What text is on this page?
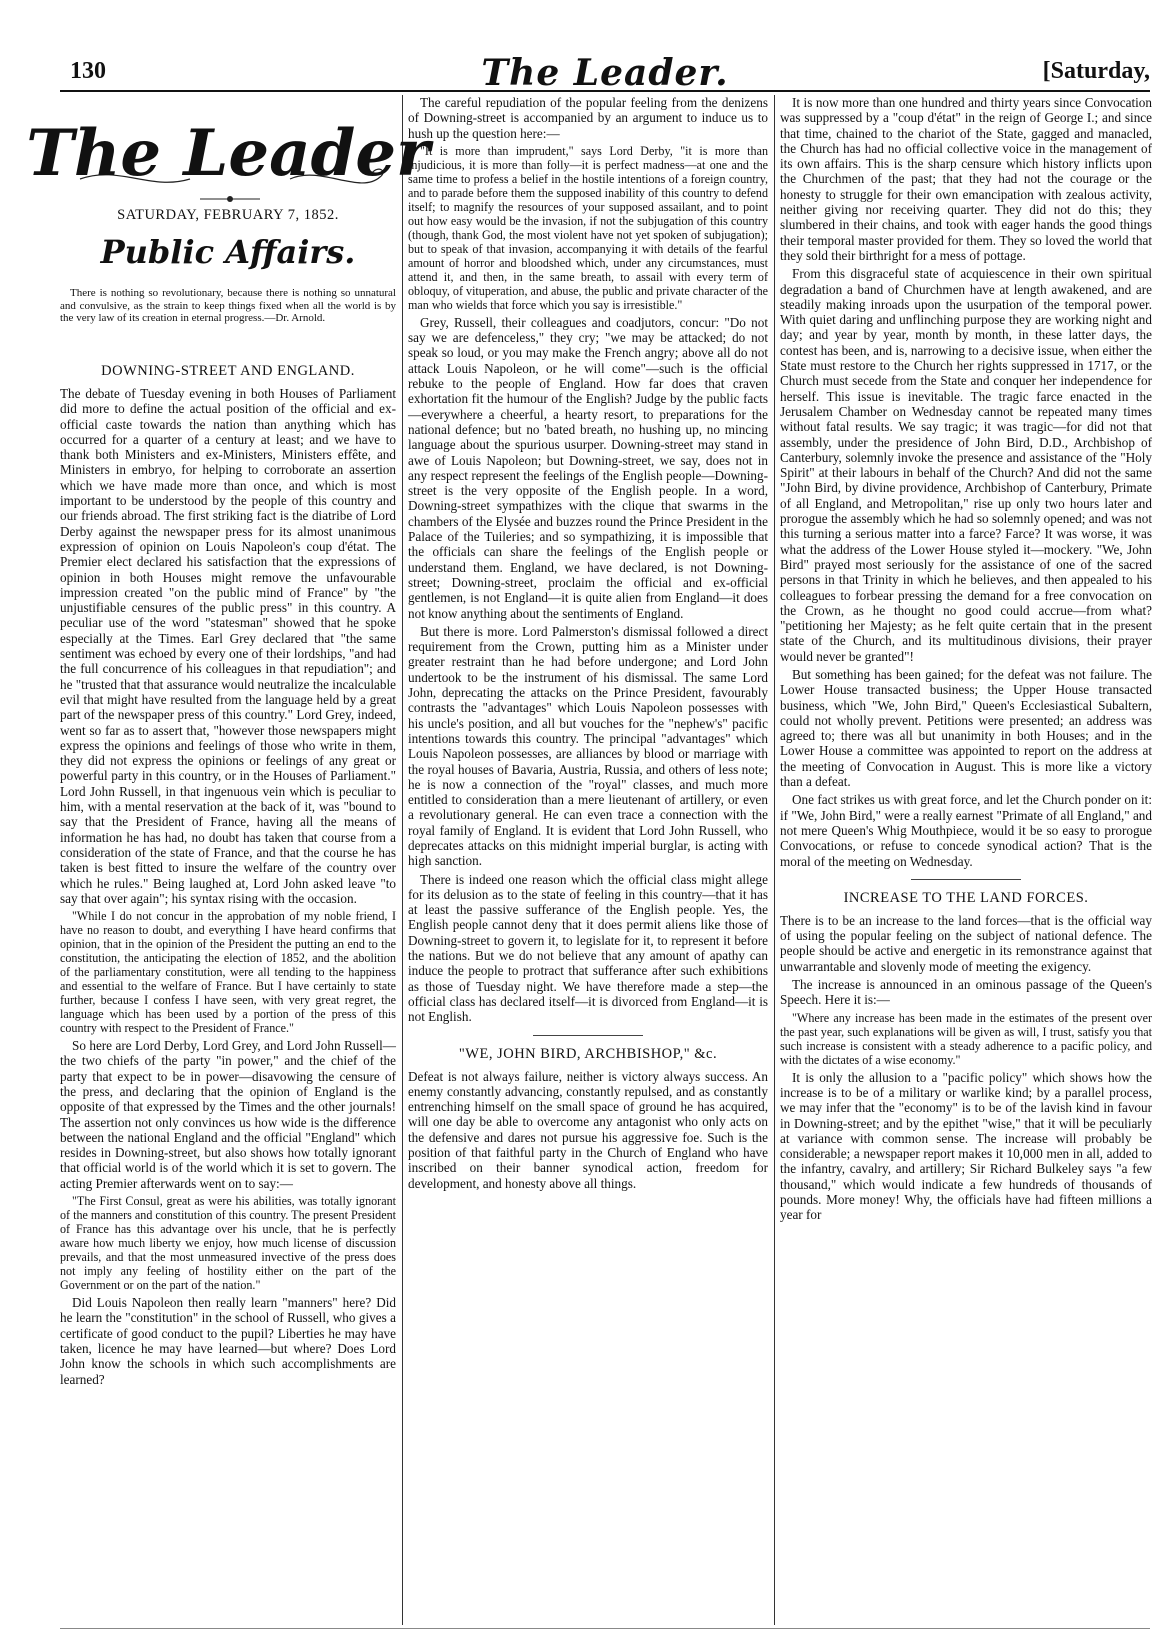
130	The Leader.	[Saturday,
The Leader
SATURDAY, FEBRUARY 7, 1852.
Public Affairs.
There is nothing so revolutionary, because there is nothing so unnatural and convulsive, as the strain to keep things fixed when all the world is by the very law of its creation in eternal progress.—Dr. Arnold.
DOWNING-STREET AND ENGLAND.

The debate of Tuesday evening in both Houses of Parliament did more to define the actual position of the official and ex-official caste towards the nation than anything which has occurred for a quarter of a century at least; and we have to thank both Ministers and ex-Ministers, Ministers effête, and Ministers in embryo, for helping to corroborate an assertion which we have made more than once, and which is most important to be understood by the people of this country and our friends abroad. The first striking fact is the diatribe of Lord Derby against the newspaper press for its almost unanimous expression of opinion on Louis Napoleon's coup d'état. The Premier elect declared his satisfaction that the expressions of opinion in both Houses might remove the unfavourable impression created "on the public mind of France" by "the unjustifiable censures of the public press" in this country. A peculiar use of the word "statesman" showed that he spoke especially at the Times. Earl Grey declared that "the same sentiment was echoed by every one of their lordships, "and had the full concurrence of his colleagues in that repudiation"; and he "trusted that that assurance would neutralize the incalculable evil that might have resulted from the language held by a great part of the newspaper press of this country." Lord Grey, indeed, went so far as to assert that, "however those newspapers might express the opinions and feelings of those who write in them, they did not express the opinions or feelings of any great or powerful party in this country, or in the Houses of Parliament." Lord John Russell, in that ingenuous vein which is peculiar to him, with a mental reservation at the back of it, was "bound to say that the President of France, having all the means of information he has had, no doubt has taken that course from a consideration of the state of France, and that the course he has taken is best fitted to insure the welfare of the country over which he rules." Being laughed at, Lord John asked leave "to say that over again"; his syntax rising with the occasion.

"While I do not concur in the approbation of my noble friend, I have no reason to doubt, and everything I have heard confirms that opinion, that in the opinion of the President the putting an end to the constitution, the anticipating the election of 1852, and the abolition of the parliamentary constitution, were all tending to the happiness and essential to the welfare of France. But I have certainly to state further, because I confess I have seen, with very great regret, the language which has been used by a portion of the press of this country with respect to the President of France."

So here are Lord Derby, Lord Grey, and Lord John Russell—the two chiefs of the party "in power," and the chief of the party that expect to be in power—disavowing the censure of the press, and declaring that the opinion of England is the opposite of that expressed by the Times and the other journals! The assertion not only convinces us how wide is the difference between the national England and the official "England" which resides in Downing-street, but also shows how totally ignorant that official world is of the world which it is set to govern. The acting Premier afterwards went on to say:—

"The First Consul, great as were his abilities, was totally ignorant of the manners and constitution of this country. The present President of France has this advantage over his uncle, that he is perfectly aware how much liberty we enjoy, how much license of discussion prevails, and that the most unmeasured invective of the press does not imply any feeling of hostility either on the part of the Government or on the part of the nation."

Did Louis Napoleon then really learn "manners" here? Did he learn the "constitution" in the school of Russell, who gives a certificate of good conduct to the pupil? Liberties he may have taken, licence he may have learned—but where? Does Lord John know the schools in which such accomplishments are learned?

The careful repudiation of the popular feeling from the denizens of Downing-street is accompanied by an argument to induce us to hush up the question here:—

"It is more than imprudent," says Lord Derby, "it is more than injudicious, it is more than folly—it is perfect madness—at one and the same time to profess a belief in the hostile intentions of a foreign country, and to parade before them the supposed inability of this country to defend itself; to magnify the resources of your supposed assailant, and to point out how easy would be the invasion, if not the subjugation of this country (though, thank God, the most violent have not yet spoken of subjugation); but to speak of that invasion, accompanying it with details of the fearful amount of horror and bloodshed which, under any circumstances, must attend it, and then, in the same breath, to assail with every term of obloquy, of vituperation, and abuse, the public and private character of the man who wields that force which you say is irresistible."

Grey, Russell, their colleagues and coadjutors, concur: "Do not say we are defenceless," they cry; "we may be attacked; do not speak so loud, or you may make the French angry; above all do not attack Louis Napoleon, or he will come"—such is the official rebuke to the people of England. How far does that craven exhortation fit the humour of the English? Judge by the public facts—everywhere a cheerful, a hearty resort, to preparations for the national defence; but no 'bated breath, no hushing up, no mincing language about the spurious usurper. Downing-street may stand in awe of Louis Napoleon; but Downing-street, we say, does not in any respect represent the feelings of the English people—Downing-street is the very opposite of the English people. In a word, Downing-street sympathizes with the clique that swarms in the chambers of the Elysée and buzzes round the Prince President in the Palace of the Tuileries; and so sympathizing, it is impossible that the officials can share the feelings of the English people or understand them. England, we have declared, is not Downing-street; Downing-street, proclaim the official and ex-official gentlemen, is not England—it is quite alien from England—it does not know anything about the sentiments of England.

But there is more. Lord Palmerston's dismissal followed a direct requirement from the Crown, putting him as a Minister under greater restraint than he had before undergone; and Lord John undertook to be the instrument of his dismissal. The same Lord John, deprecating the attacks on the Prince President, favourably contrasts the "advantages" which Louis Napoleon possesses with his uncle's position, and all but vouches for the "nephew's" pacific intentions towards this country. The principal "advantages" which Louis Napoleon possesses, are alliances by blood or marriage with the royal houses of Bavaria, Austria, Russia, and others of less note; he is now a connection of the "royal" classes, and much more entitled to consideration than a mere lieutenant of artillery, or even a revolutionary general. He can even trace a connection with the royal family of England. It is evident that Lord John Russell, who deprecates attacks on this midnight imperial burglar, is acting with high sanction.

There is indeed one reason which the official class might allege for its delusion as to the state of feeling in this country—that it has at least the passive sufferance of the English people. Yes, the English people cannot deny that it does permit aliens like those of Downing-street to govern it, to legislate for it, to represent it before the nations. But we do not believe that any amount of apathy can induce the people to protract that sufferance after such exhibitions as those of Tuesday night. We have therefore made a step—the official class has declared itself—it is divorced from England—it is not English.

"WE, JOHN BIRD, ARCHBISHOP," &c.

Defeat is not always failure, neither is victory always success. An enemy constantly advancing, constantly repulsed, and as constantly entrenching himself on the small space of ground he has acquired, will one day be able to overcome any antagonist who only acts on the defensive and dares not pursue his aggressive foe. Such is the position of that faithful party in the Church of England who have inscribed on their banner synodical action, freedom for development, and honesty above all things.

It is now more than one hundred and thirty years since Convocation was suppressed by a "coup d'état" in the reign of George I.; and since that time, chained to the chariot of the State, gagged and manacled, the Church has had no official collective voice in the management of its own affairs. This is the sharp censure which history inflicts upon the Churchmen of the past; that they had not the courage or the honesty to struggle for their own emancipation with zealous activity, neither giving nor receiving quarter. They did not do this; they slumbered in their chains, and took with eager hands the good things their temporal master provided for them. They so loved the world that they sold their birthright for a mess of pottage.

From this disgraceful state of acquiescence in their own spiritual degradation a band of Churchmen have at length awakened, and are steadily making inroads upon the usurpation of the temporal power. With quiet daring and unflinching purpose they are working night and day; and year by year, month by month, in these latter days, the contest has been, and is, narrowing to a decisive issue, when either the State must restore to the Church her rights suppressed in 1717, or the Church must secede from the State and conquer her independence for herself. This issue is inevitable. The tragic farce enacted in the Jerusalem Chamber on Wednesday cannot be repeated many times without fatal results. We say tragic; it was tragic—for did not that assembly, under the presidence of John Bird, D.D., Archbishop of Canterbury, solemnly invoke the presence and assistance of the "Holy Spirit" at their labours in behalf of the Church? And did not the same "John Bird, by divine providence, Archbishop of Canterbury, Primate of all England, and Metropolitan," rise up only two hours later and prorogue the assembly which he had so solemnly opened; and was not this turning a serious matter into a farce? Farce? It was worse, it was what the address of the Lower House styled it—mockery. "We, John Bird" prayed most seriously for the assistance of one of the sacred persons in that Trinity in which he believes, and then appealed to his colleagues to forbear pressing the demand for a free convocation on the Crown, as he thought no good could accrue—from what? "petitioning her Majesty; as he felt quite certain that in the present state of the Church, and its multitudinous divisions, their prayer would never be granted"!

But something has been gained; for the defeat was not failure. The Lower House transacted business; the Upper House transacted business, which "We, John Bird," Queen's Ecclesiastical Subaltern, could not wholly prevent. Petitions were presented; an address was agreed to; there was all but unanimity in both Houses; and in the Lower House a committee was appointed to report on the address at the meeting of Convocation in August. This is more like a victory than a defeat.

One fact strikes us with great force, and let the Church ponder on it: if "We, John Bird," were a really earnest "Primate of all England," and not mere Queen's Whig Mouthpiece, would it be so easy to prorogue Convocations, or refuse to concede synodical action? That is the moral of the meeting on Wednesday.

INCREASE TO THE LAND FORCES.

There is to be an increase to the land forces—that is the official way of using the popular feeling on the subject of national defence. The people should be active and energetic in its remonstrance against that unwarrantable and slovenly mode of meeting the exigency.

The increase is announced in an ominous passage of the Queen's Speech. Here it is:—

"Where any increase has been made in the estimates of the present over the past year, such explanations will be given as will, I trust, satisfy you that such increase is consistent with a steady adherence to a pacific policy, and with the dictates of a wise economy."

It is only the allusion to a "pacific policy" which shows how the increase is to be of a military or warlike kind; by a parallel process, we may infer that the "economy" is to be of the lavish kind in favour in Downing-street; and by the epithet "wise," that it will be peculiarly at variance with common sense. The increase will probably be considerable; a newspaper report makes it 10,000 men in all, added to the infantry, cavalry, and artillery; Sir Richard Bulkeley says "a few thousand," which would indicate a few hundreds of thousands of pounds. More money! Why, the officials have had fifteen millions a year for
